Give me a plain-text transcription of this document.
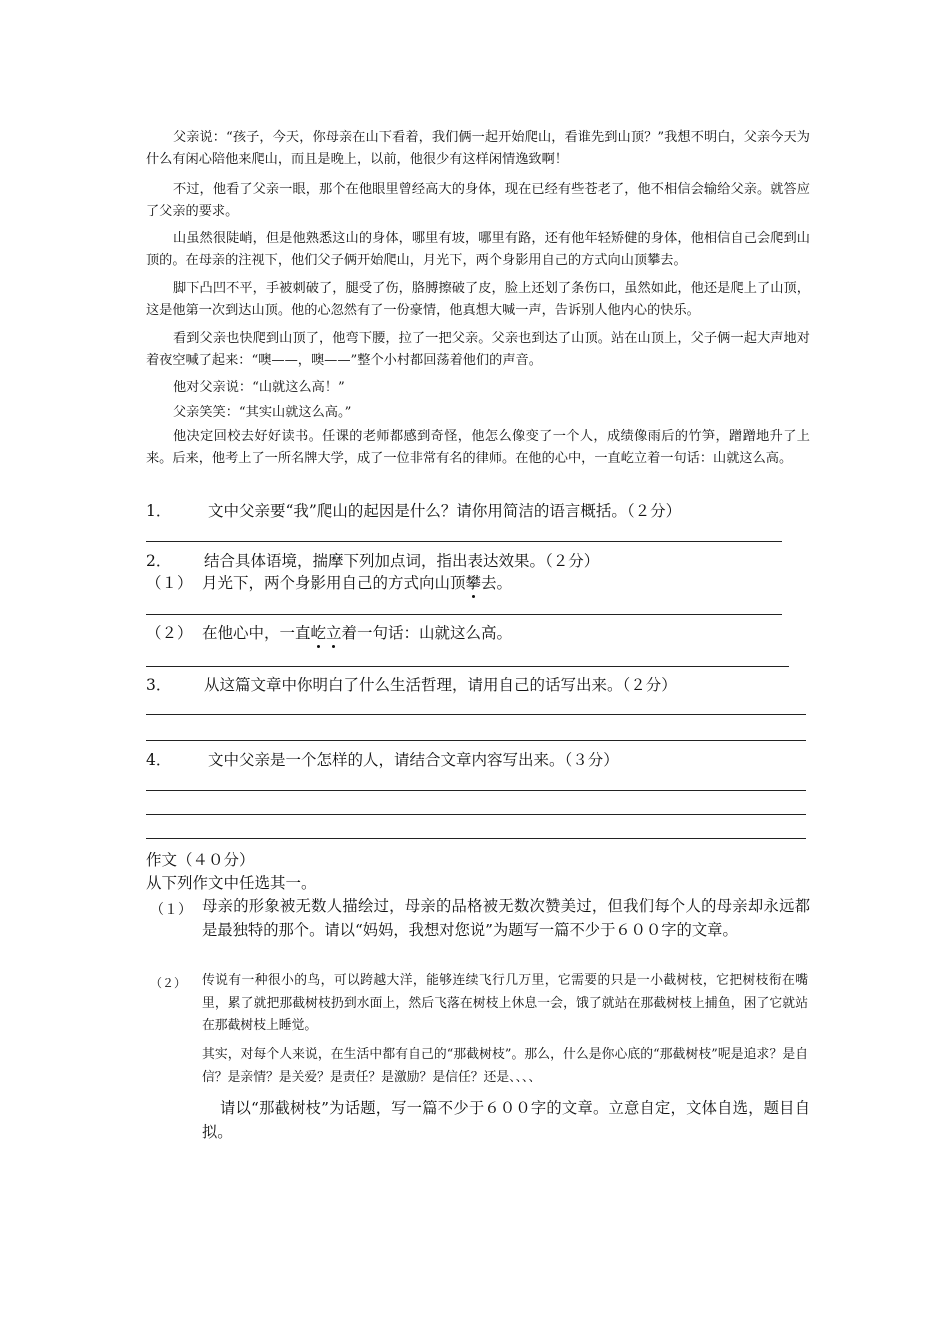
父亲说：“孩子，今天，你母亲在山下看着，我们俩一起开始爬山，看谁先到山顶？”我想不明白，父亲今天为什么有闲心陪他来爬山，而且是晚上，以前，他很少有这样闲情逸致啊！

不过，他看了父亲一眼，那个在他眼里曾经高大的身体，现在已经有些苍老了，他不相信会输给父亲。就答应了父亲的要求。

山虽然很陡峭，但是他熟悉这山的身体，哪里有坡，哪里有路，还有他年轻矫健的身体，他相信自己会爬到山顶的。在母亲的注视下，他们父子俩开始爬山，月光下，两个身影用自己的方式向山顶攀去。

脚下凸凹不平，手被刺破了，腿受了伤，胳膊擦破了皮，脸上还划了条伤口，虽然如此，他还是爬上了山顶，这是他第一次到达山顶。他的心忽然有了一份豪情，他真想大喊一声，告诉别人他内心的快乐。

看到父亲也快爬到山顶了，他弯下腰，拉了一把父亲。父亲也到达了山顶。站在山顶上，父子俩一起大声地对着夜空喊了起来：“噢——，噢——”整个小村都回荡着他们的声音。

他对父亲说：“山就这么高！”

父亲笑笑：“其实山就这么高。”

他决定回校去好好读书。任课的老师都感到奇怪，他怎么像变了一个人，成绩像雨后的竹笋，蹭蹭地升了上来。后来，他考上了一所名牌大学，成了一位非常有名的律师。在他的心中，一直屹立着一句话：山就这么高。

1． 文中父亲要“我”爬山的起因是什么？请你用简洁的语言概括。（２分）

2． 结合具体语境，揣摩下列加点词，指出表达效果。（２分）

（１） 月光下，两个身影用自己的方式向山顶攀去。

（２） 在他心中，一直屹立着一句话：山就这么高。

3． 从这篇文章中你明白了什么生活哲理，请用自己的话写出来。（２分）

4． 文中父亲是一个怎样的人，请结合文章内容写出来。（３分）

作文（４０分）

从下列作文中任选其一。

（１） 母亲的形象被无数人描绘过，母亲的品格被无数次赞美过，但我们每个人的母亲却永远都是最独特的那个。请以“妈妈，我想对您说”为题写一篇不少于６００字的文章。

（２） 传说有一种很小的鸟，可以跨越大洋，能够连续飞行几万里，它需要的只是一小截树枝，它把树枝衔在嘴里，累了就把那截树枝扔到水面上，然后飞落在树枝上休息一会，饿了就站在那截树枝上捕鱼，困了它就站在那截树枝上睡觉。

其实，对每个人来说，在生活中都有自己的“那截树枝”。那么，什么是你心底的“那截树枝”呢是追求？是自信？是亲情？是关爱？是责任？是激励？是信任？还是、、、、

请以“那截树枝”为话题，写一篇不少于６００字的文章。立意自定，文体自选，题目自拟。
